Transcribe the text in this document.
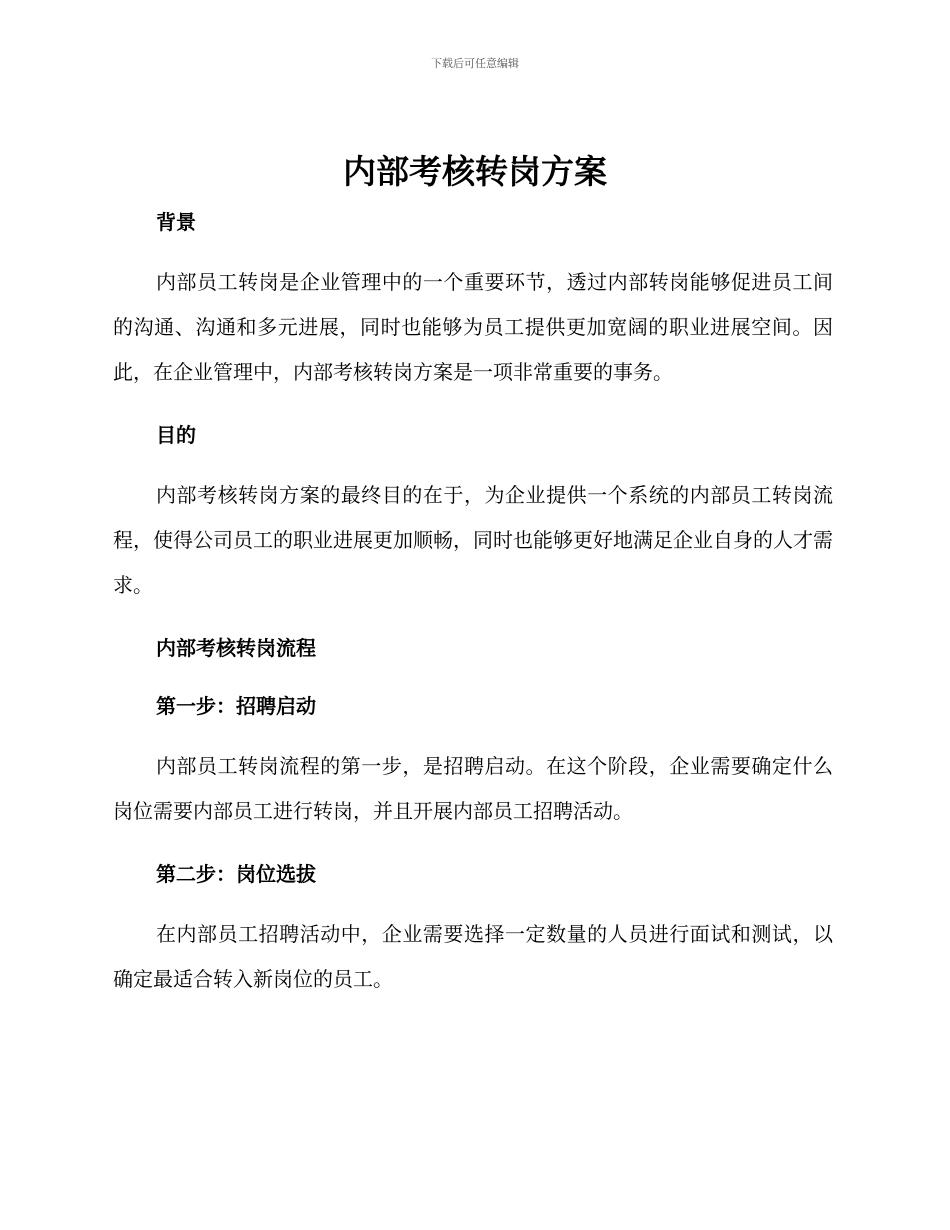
下载后可任意编辑
内部考核转岗方案
背景

内部员工转岗是企业管理中的一个重要环节，透过内部转岗能够促进员工间的沟通、沟通和多元进展，同时也能够为员工提供更加宽阔的职业进展空间。因此，在企业管理中，内部考核转岗方案是一项非常重要的事务。

目的

内部考核转岗方案的最终目的在于，为企业提供一个系统的内部员工转岗流程，使得公司员工的职业进展更加顺畅，同时也能够更好地满足企业自身的人才需求。

内部考核转岗流程
第一步：招聘启动

内部员工转岗流程的第一步，是招聘启动。在这个阶段，企业需要确定什么岗位需要内部员工进行转岗，并且开展内部员工招聘活动。

第二步：岗位选拔

在内部员工招聘活动中，企业需要选择一定数量的人员进行面试和测试，以确定最适合转入新岗位的员工。
